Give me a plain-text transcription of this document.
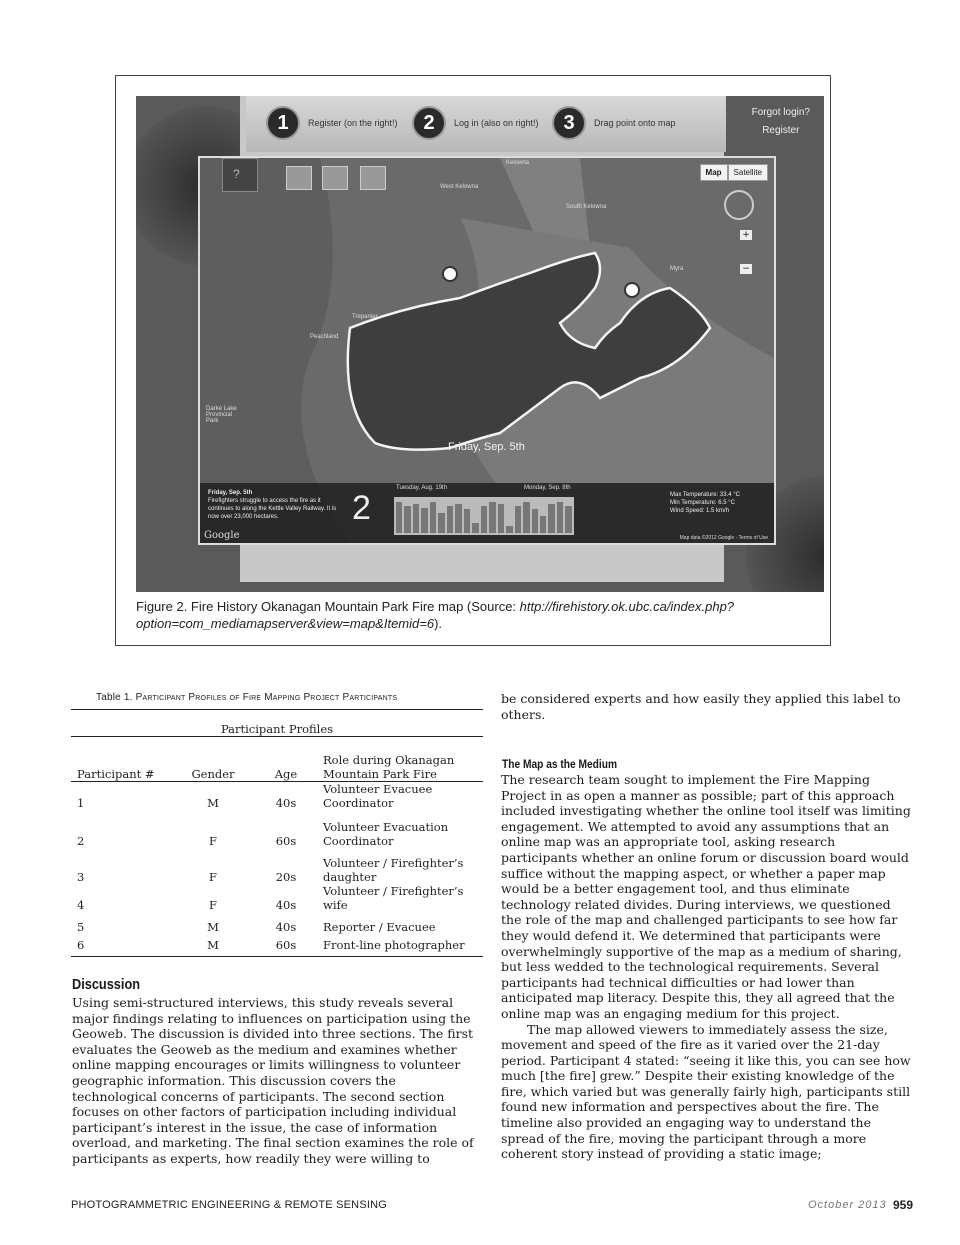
1	Register (on the right!)	2	Log in (also on right!)	3	Drag point onto map
Forgot login?
Register
?	Map	Satellite
+
−
Kelowna
West Kelowna
Peachland
Trepanier
Myra
Darke Lake Provincial Park
South Kelowna
Friday, Sep. 5th
Friday, Sep. 5th
Firefighters struggle to access the fire as it continues to along the Kettle Valley Railway. It is now over 23,000 hectares.	2
Tuesday, Aug. 19th	Monday, Sep. 8th
Max Temperature: 33.4 °C
Min Temperature: 6.5 °C
Wind Speed: 1.5 km/h
Google	Map data ©2012 Google - Terms of Use
Figure 2. Fire History Okanagan Mountain Park Fire map (Source: http://firehistory.ok.ubc.ca/index.php?option=com_mediamapserver&view=map&Itemid=6).
Table 1. Participant Profiles of Fire Mapping Project Participants
Participant Profiles			
Participant #	Gender	Age	Role during Okanagan Mountain Park Fire
1	M	40s	Volunteer Evacuee Coordinator
2	F	60s	Volunteer Evacuation Coordinator
3	F	20s	Volunteer / Firefighter’s daughter
4	F	40s	Volunteer / Firefighter’s wife
5	M	40s	Reporter / Evacuee
6	M	60s	Front-line photographer
Discussion

Using semi-structured interviews, this study reveals several major findings relating to influences on participation using the Geoweb. The discussion is divided into three sections. The first evaluates the Geoweb as the medium and examines whether online mapping encourages or limits willingness to volunteer geographic information. This discussion covers the technological concerns of participants. The second section focuses on other factors of participation including individual participant’s interest in the issue, the case of information overload, and marketing. The final section examines the role of participants as experts, how readily they were willing to

be considered experts and how easily they applied this label to others.

The Map as the Medium

The research team sought to implement the Fire Mapping Project in as open a manner as possible; part of this approach included investigating whether the online tool itself was limiting engagement. We attempted to avoid any assumptions that an online map was an appropriate tool, asking research participants whether an online forum or discussion board would suffice without the mapping aspect, or whether a paper map would be a better engagement tool, and thus eliminate technology related divides. During interviews, we questioned the role of the map and challenged participants to see how far they would defend it. We determined that participants were overwhelmingly supportive of the map as a medium of sharing, but less wedded to the technological requirements. Several participants had technical difficulties or had lower than anticipated map literacy. Despite this, they all agreed that the online map was an engaging medium for this project.

The map allowed viewers to immediately assess the size, movement and speed of the fire as it varied over the 21-day period. Participant 4 stated: “seeing it like this, you can see how much [the fire] grew.” Despite their existing knowledge of the fire, which varied but was generally fairly high, participants still found new information and perspectives about the fire. The timeline also provided an engaging way to understand the spread of the fire, moving the participant through a more coherent story instead of providing a static image;

PHOTOGRAMMETRIC ENGINEERING & REMOTE SENSING	October 2013 959
